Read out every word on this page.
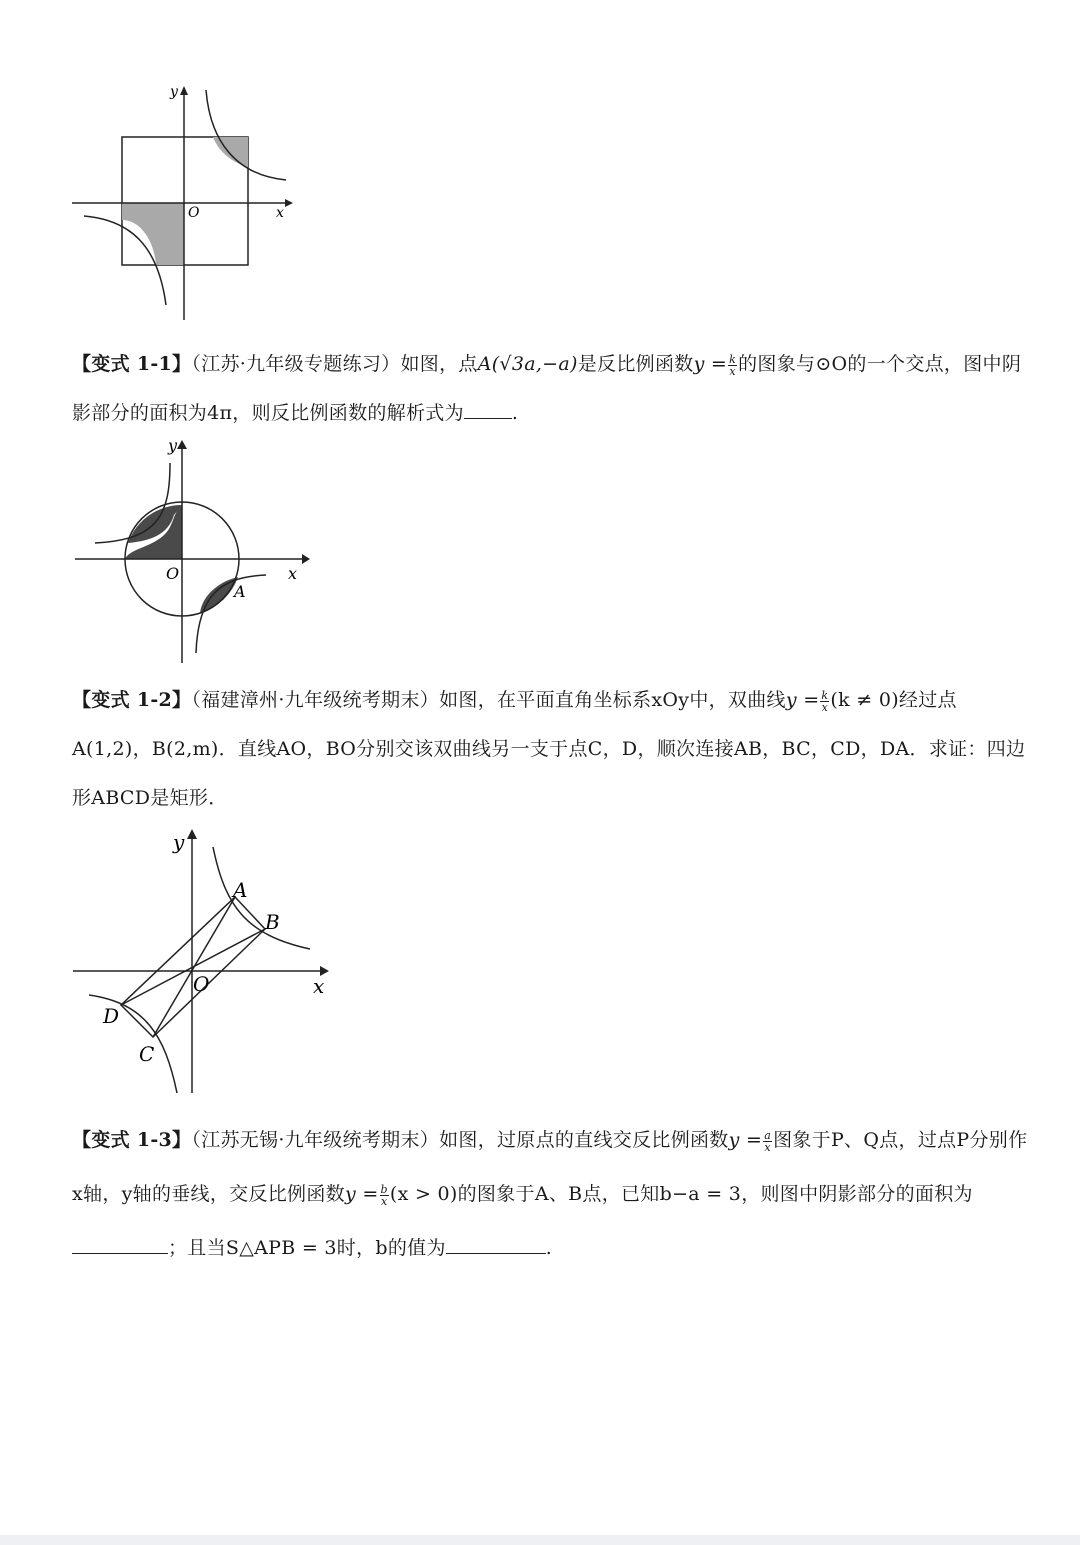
y
x
O
【变式 1-1】（江苏·九年级专题练习）如图，点A(√3a,−a)是反比例函数$y = \frac{k}{x}$ 的图象与⊙O的一个交点，图中阴影部分的面积为4π，则反比例函数的解析式为	.
y
x
O
A
【变式 1-2】（福建漳州·九年级统考期末）如图，在平面直角坐标系xOy中，双曲线$y = \frac{k}{x} (k \ne 0)$经过点A(1,2)，B(2,m)．直线AO，BO分别交该双曲线另一支于点C，D，顺次连接AB，BC，CD，DA．求证：四边形ABCD是矩形．
y
x
O
A
B
C
D
【变式 1-3】（江苏无锡·九年级统考期末）如图，过原点的直线交反比例函数$y = \frac{a}{x}$ 图象于P、Q点，过点P分别作x轴，y轴的垂线，交反比例函数$y = \frac{b}{x} (x > 0)$的图象于A、B点，已知b−a = 3，则图中阴影部分的面积为；且当S△APB = 3时，b的值为	.
